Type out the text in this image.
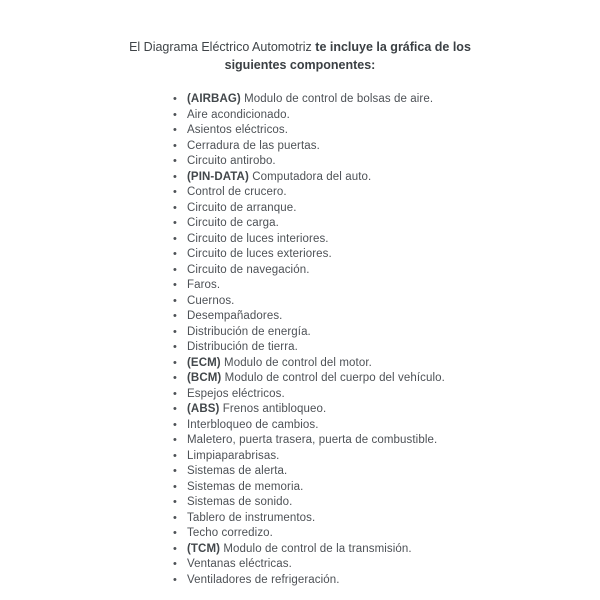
El Diagrama Eléctrico Automotriz te incluye la gráfica de los siguientes componentes:

• (AIRBAG) Modulo de control de bolsas de aire.
• Aire acondicionado.
• Asientos eléctricos.
• Cerradura de las puertas.
• Circuito antirobo.
• (PIN-DATA) Computadora del auto.
• Control de crucero.
• Circuito de arranque.
• Circuito de carga.
• Circuito de luces interiores.
• Circuito de luces exteriores.
• Circuito de navegación.
• Faros.
• Cuernos.
• Desempañadores.
• Distribución de energía.
• Distribución de tierra.
• (ECM) Modulo de control del motor.
• (BCM) Modulo de control del cuerpo del vehículo.
• Espejos eléctricos.
• (ABS) Frenos antibloqueo.
• Interbloqueo de cambios.
• Maletero, puerta trasera, puerta de combustible.
• Limpiaparabrisas.
• Sistemas de alerta.
• Sistemas de memoria.
• Sistemas de sonido.
• Tablero de instrumentos.
• Techo corredizo.
• (TCM) Modulo de control de la transmisión.
• Ventanas eléctricas.
• Ventiladores de refrigeración.
